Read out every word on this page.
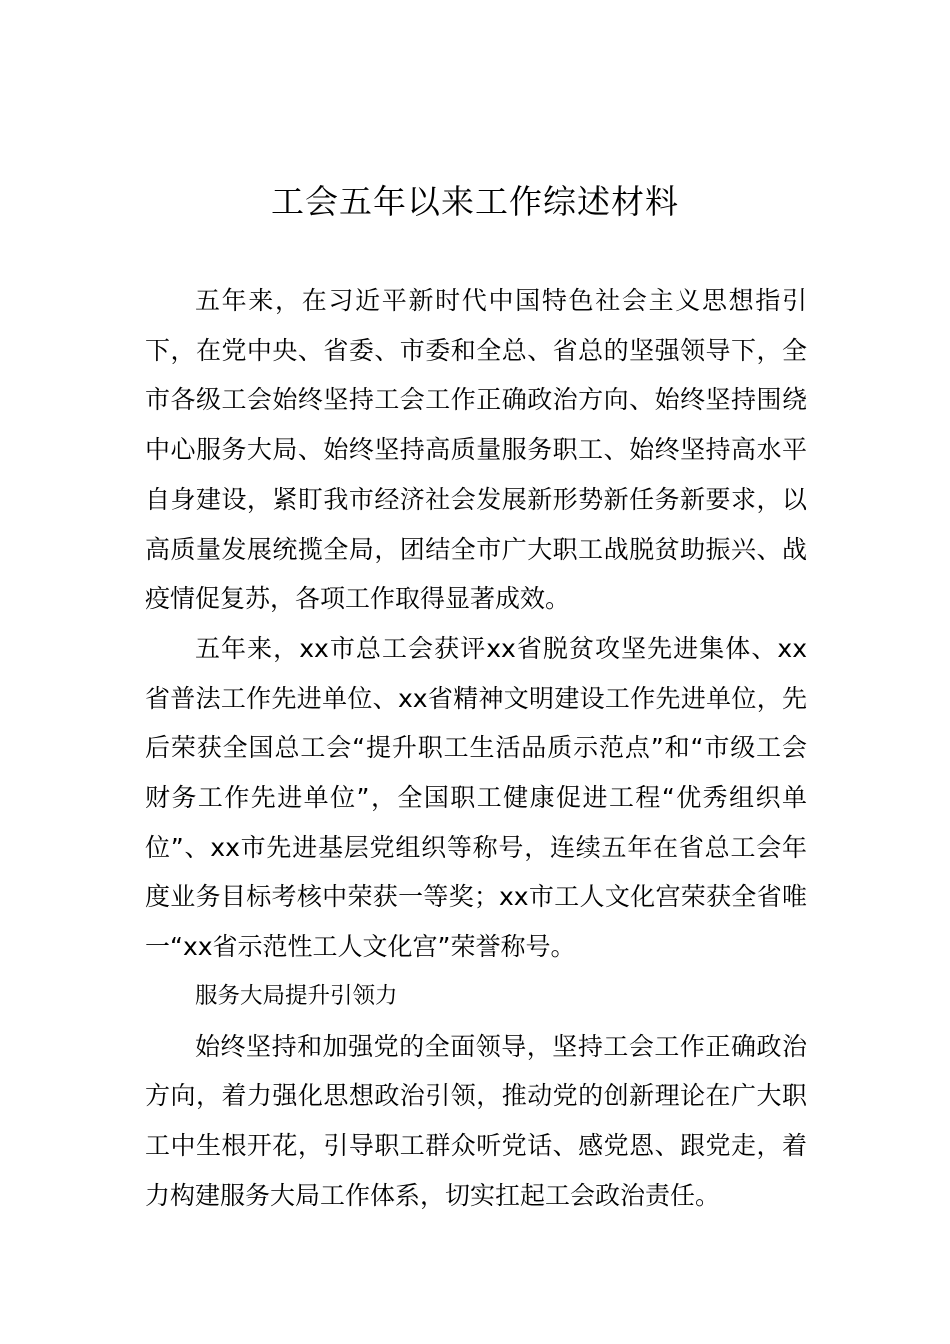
工会五年以来工作综述材料

五年来，在习近平新时代中国特色社会主义思想指引下，在党中央、省委、市委和全总、省总的坚强领导下，全市各级工会始终坚持工会工作正确政治方向、始终坚持围绕中心服务大局、始终坚持高质量服务职工、始终坚持高水平自身建设，紧盯我市经济社会发展新形势新任务新要求，以高质量发展统揽全局，团结全市广大职工战脱贫助振兴、战疫情促复苏，各项工作取得显著成效。

五年来，xx市总工会获评xx省脱贫攻坚先进集体、xx省普法工作先进单位、xx省精神文明建设工作先进单位，先后荣获全国总工会“提升职工生活品质示范点”和“市级工会财务工作先进单位”，全国职工健康促进工程“优秀组织单位”、xx市先进基层党组织等称号，连续五年在省总工会年度业务目标考核中荣获一等奖；xx市工人文化宫荣获全省唯一“xx省示范性工人文化宫”荣誉称号。

服务大局提升引领力

始终坚持和加强党的全面领导，坚持工会工作正确政治方向，着力强化思想政治引领，推动党的创新理论在广大职工中生根开花，引导职工群众听党话、感党恩、跟党走，着力构建服务大局工作体系，切实扛起工会政治责任。
